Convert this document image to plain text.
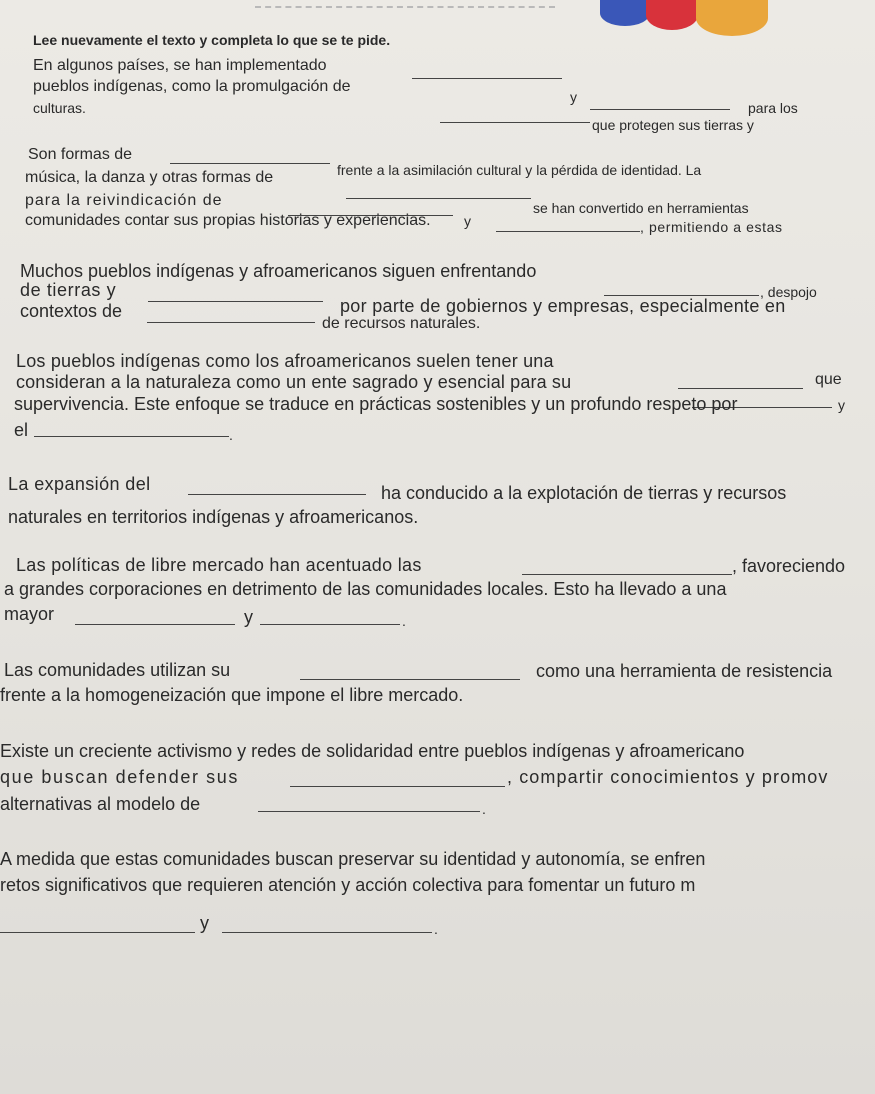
Lee nuevamente el texto y completa lo que se te pide.
En algunos países, se han implementado
pueblos indígenas, como la promulgación de
y
para los
culturas.
que protegen sus tierras y
Son formas de
frente a la asimilación cultural y la pérdida de identidad. La
música, la danza y otras formas de
para la reivindicación de	se han convertido en herramientas
y	, permitiendo a estas
comunidades contar sus propias historias y experiencias.
Muchos pueblos indígenas y afroamericanos siguen enfrentando
, despojo
de tierras y
por parte de gobiernos y empresas, especialmente en
contextos de
de recursos naturales.
Los pueblos indígenas como los afroamericanos suelen tener una
que
consideran a la naturaleza como un ente sagrado y esencial para su
y
supervivencia. Este enfoque se traduce en prácticas sostenibles y un profundo respeto por
el	.
La expansión del	ha conducido a la explotación de tierras y recursos
naturales en territorios indígenas y afroamericanos.
Las políticas de libre mercado han acentuado las	, favoreciendo
a grandes corporaciones en detrimento de las comunidades locales. Esto ha llevado a una
mayor	y	.
Las comunidades utilizan su	como una herramienta de resistencia
frente a la homogeneización que impone el libre mercado.
Existe un creciente activismo y redes de solidaridad entre pueblos indígenas y afroamericano
que buscan defender sus	, compartir conocimientos y promov
alternativas al modelo de	.
A medida que estas comunidades buscan preservar su identidad y autonomía, se enfren
retos significativos que requieren atención y acción colectiva para fomentar un futuro m
y	.
